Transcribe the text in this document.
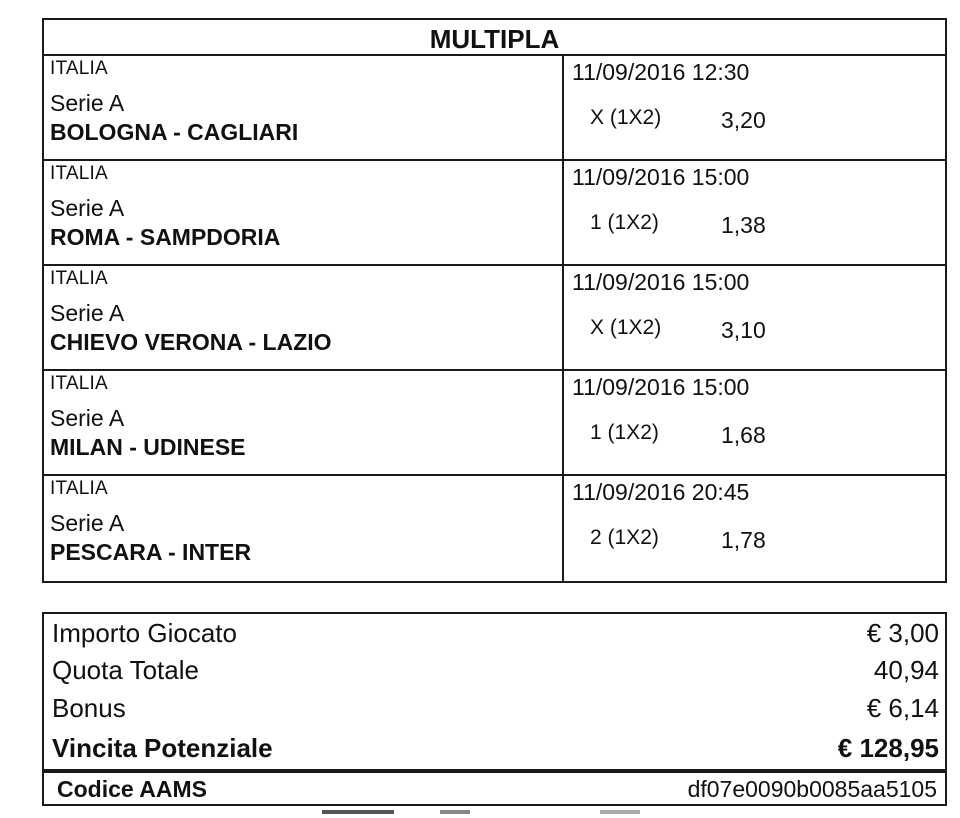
MULTIPLA
ITALIA
Serie A
BOLOGNA - CAGLIARI
11/09/2016 12:30
X (1X2)	3,20
ITALIA
Serie A
ROMA - SAMPDORIA
11/09/2016 15:00
1 (1X2)	1,38
ITALIA
Serie A
CHIEVO VERONA - LAZIO
11/09/2016 15:00
X (1X2)	3,10
ITALIA
Serie A
MILAN - UDINESE
11/09/2016 15:00
1 (1X2)	1,68
ITALIA
Serie A
PESCARA - INTER
11/09/2016 20:45
2 (1X2)	1,78
Importo Giocato	€ 3,00
Quota Totale	40,94
Bonus	€ 6,14
Vincita Potenziale	€ 128,95
Codice AAMS	df07e0090b0085aa5105
